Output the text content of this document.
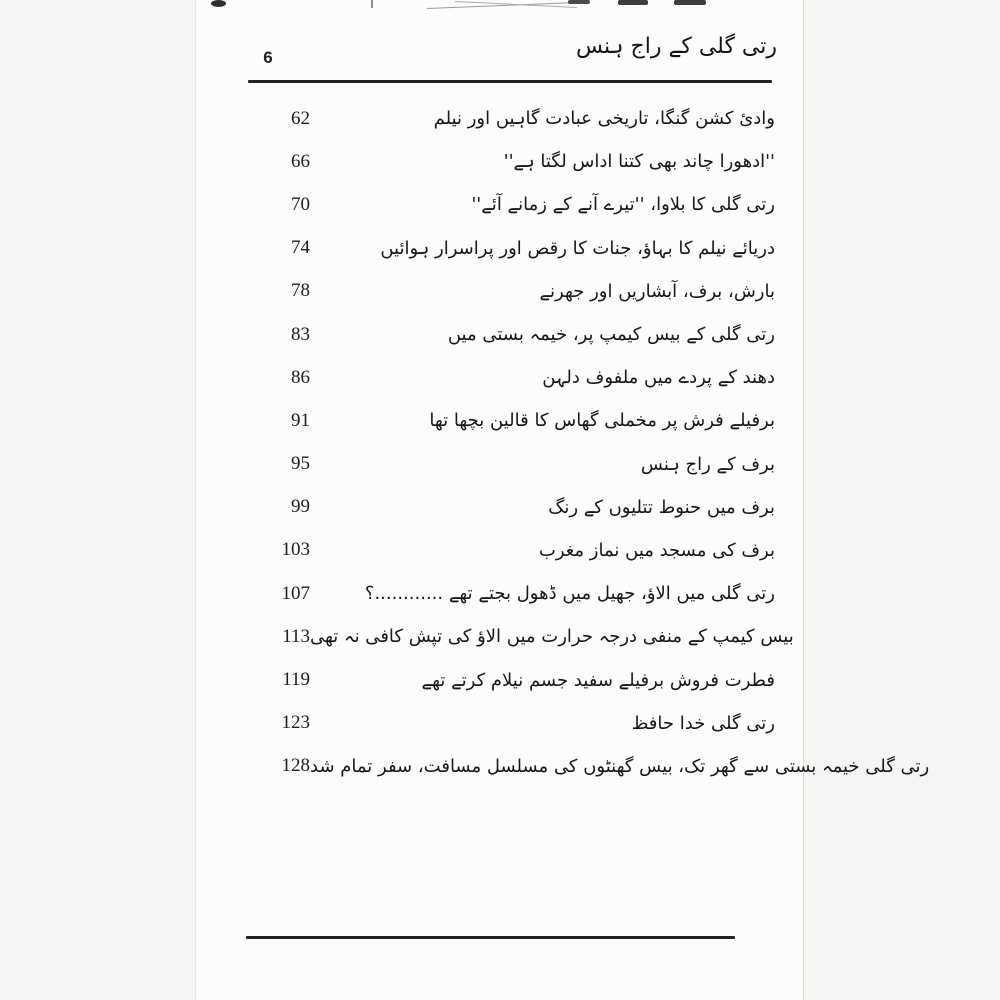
6	رتی گلی کے راج ہنس
62	وادیٔ کشن گنگا، تاریخی عبادت گاہیں اور نیلم
66	''ادھورا چاند بھی کتنا اداس لگتا ہے''
70	رتی گلی کا بلاوا، ''تیرے آنے کے زمانے آئے''
74	دریائے نیلم کا بہاؤ، جنات کا رقص اور پراسرار ہوائیں
78	بارش، برف، آبشاریں اور جھرنے
83	رتی گلی کے بیس کیمپ پر، خیمہ بستی میں
86	دھند کے پردے میں ملفوف دلہن
91	برفیلے فرش پر مخملی گھاس کا قالین بچھا تھا
95	برف کے راج ہنس
99	برف میں حنوط تتلیوں کے رنگ
103	برف کی مسجد میں نماز مغرب
107	رتی گلی میں الاؤ، جھیل میں ڈھول بجتے تھے ............؟
113 بیس کیمپ کے منفی درجہ حرارت میں الاؤ کی تپش کافی نہ تھی
119	فطرت فروش برفیلے سفید جسم نیلام کرتے تھے
123	رتی گلی خدا حافظ
128 رتی گلی خیمہ بستی سے گھر تک، بیس گھنٹوں کی مسلسل مسافت، سفر تمام شد
